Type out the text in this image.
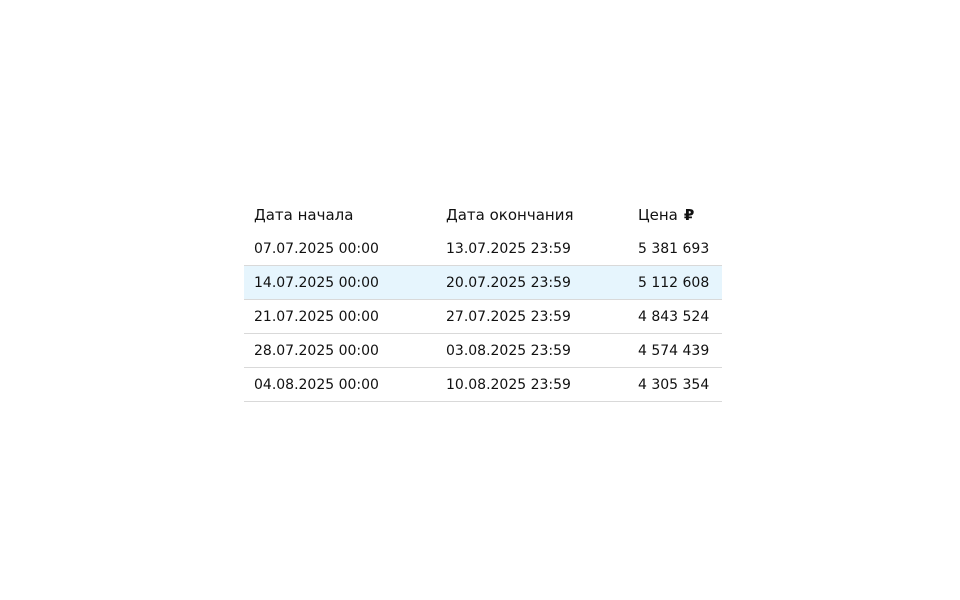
Дата начала	Дата окончания	Цена ₽
07.07.2025 00:00	13.07.2025 23:59	5 381 693
14.07.2025 00:00	20.07.2025 23:59	5 112 608
21.07.2025 00:00	27.07.2025 23:59	4 843 524
28.07.2025 00:00	03.08.2025 23:59	4 574 439
04.08.2025 00:00	10.08.2025 23:59	4 305 354
